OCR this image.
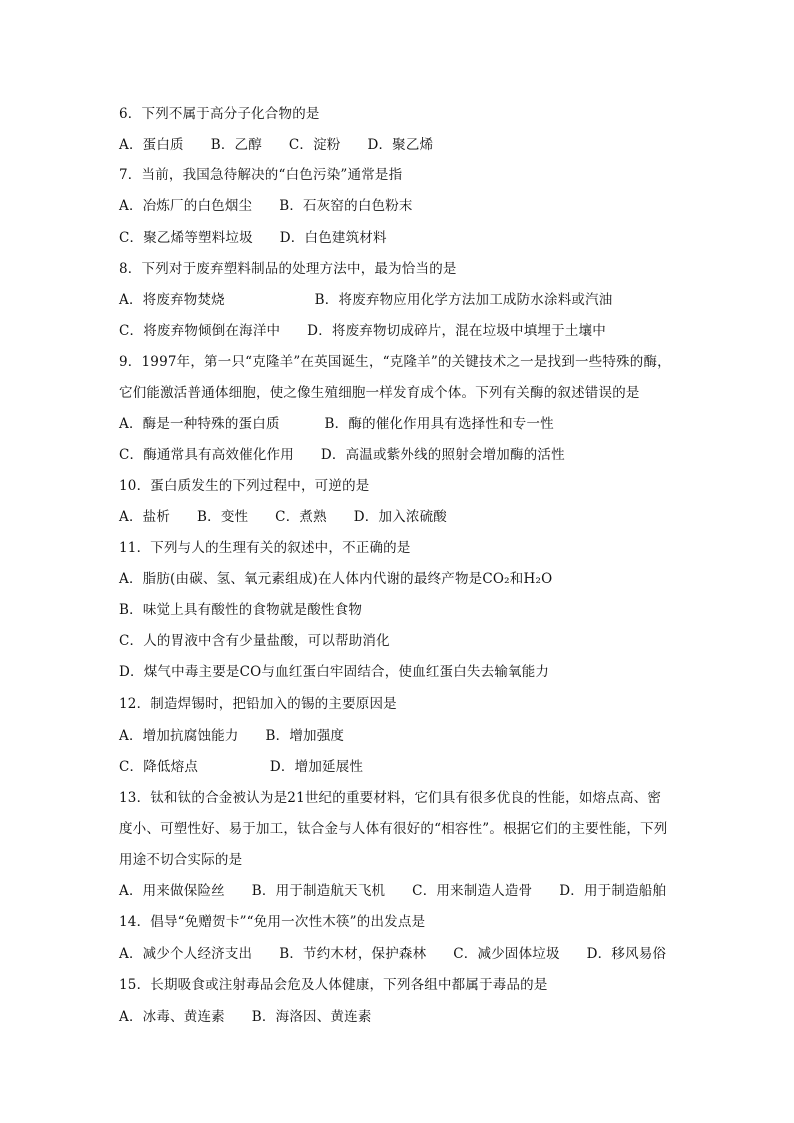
6．下列不属于高分子化合物的是
A．蛋白质      B．乙醇      C．淀粉      D．聚乙烯
7．当前，我国急待解决的“白色污染”通常是指
A．冶炼厂的白色烟尘      B．石灰窑的白色粉末
C．聚乙烯等塑料垃圾      D．白色建筑材料
8．下列对于废弃塑料制品的处理方法中，最为恰当的是
A．将废弃物焚烧                    B．将废弃物应用化学方法加工成防水涂料或汽油
C．将废弃物倾倒在海洋中      D．将废弃物切成碎片，混在垃圾中填埋于土壤中
9．1997年，第一只“克隆羊”在英国诞生，“克隆羊”的关键技术之一是找到一些特殊的酶，
它们能激活普通体细胞，使之像生殖细胞一样发育成个体。下列有关酶的叙述错误的是
A．酶是一种特殊的蛋白质          B．酶的催化作用具有选择性和专一性
C．酶通常具有高效催化作用      D．高温或紫外线的照射会增加酶的活性
10．蛋白质发生的下列过程中，可逆的是
A．盐析      B．变性      C．煮熟      D．加入浓硫酸
11．下列与人的生理有关的叙述中，不正确的是
A．脂肪(由碳、氢、氧元素组成)在人体内代谢的最终产物是CO₂和H₂O
B．味觉上具有酸性的食物就是酸性食物
C．人的胃液中含有少量盐酸，可以帮助消化
D．煤气中毒主要是CO与血红蛋白牢固结合，使血红蛋白失去输氧能力
12．制造焊锡时，把铅加入的锡的主要原因是
A．增加抗腐蚀能力      B．增加强度
C．降低熔点                D．增加延展性
13．钛和钛的合金被认为是21世纪的重要材料，它们具有很多优良的性能，如熔点高、密
度小、可塑性好、易于加工，钛合金与人体有很好的“相容性”。根据它们的主要性能，下列
用途不切合实际的是
A．用来做保险丝      B．用于制造航天飞机      C．用来制造人造骨      D．用于制造船舶
14．倡导“免赠贺卡”“免用一次性木筷”的出发点是
A．减少个人经济支出      B．节约木材，保护森林      C．减少固体垃圾      D．移风易俗
15．长期吸食或注射毒品会危及人体健康，下列各组中都属于毒品的是
A．冰毒、黄连素      B．海洛因、黄连素
